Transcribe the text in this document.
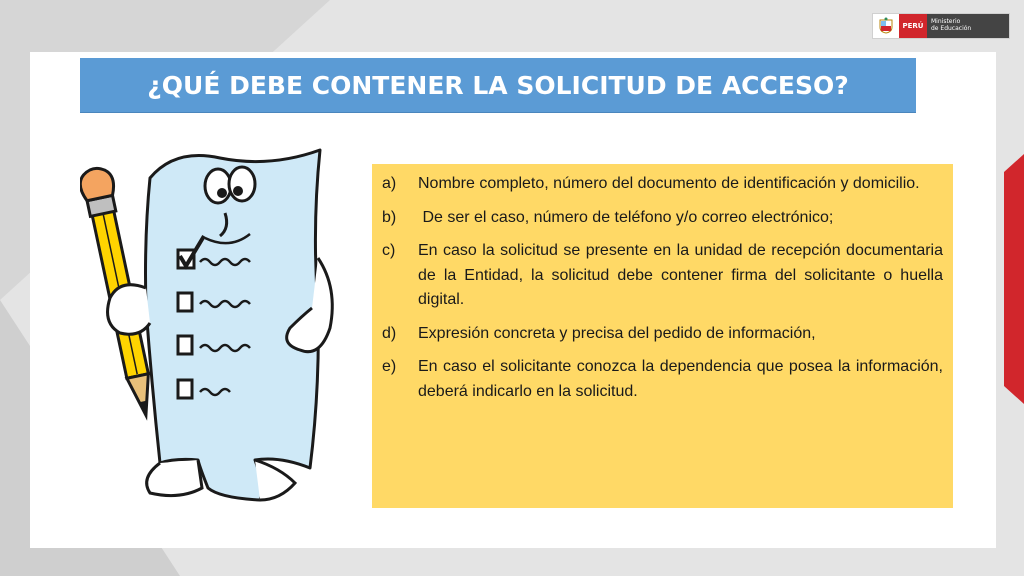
PERÚ
Ministerio
de Educación
¿QUÉ DEBE CONTENER LA SOLICITUD DE ACCESO?
a)	Nombre completo, número del documento de identificación y domicilio.
b)	De ser el caso, número de teléfono y/o correo electrónico;
c)	En caso la solicitud se presente en la unidad de recepción documentaria de la Entidad, la solicitud debe contener firma del solicitante o huella digital.
d)	Expresión concreta y precisa del pedido de información,
e)	En caso el solicitante conozca la dependencia que posea la información, deberá indicarlo en la solicitud.
